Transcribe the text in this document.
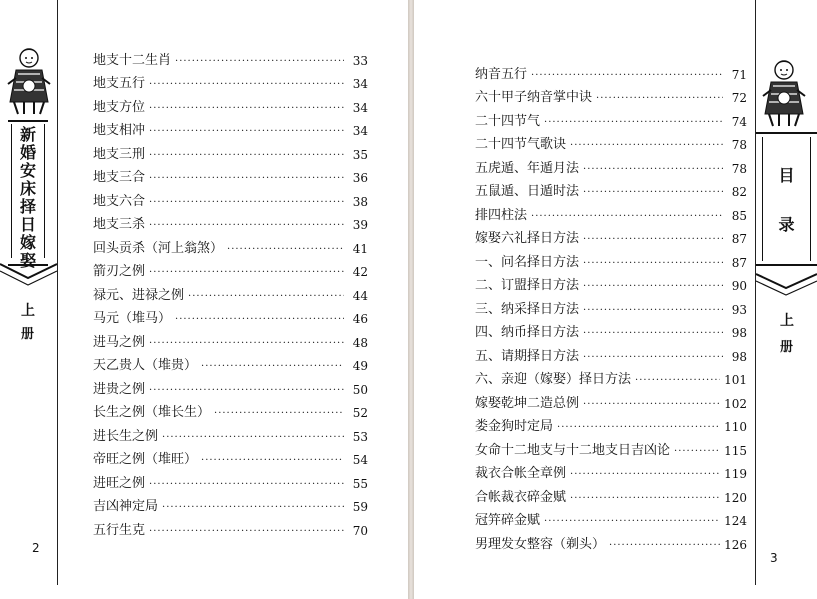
新
婚
安
床
择
日
嫁
娶
上
册
地支十二生肖 ·····	33
地支五行 ·····	34
地支方位 ·····	34
地支相冲 ·····	34
地支三刑 ·····	35
地支三合 ·····	36
地支六合 ·····	38
地支三杀 ·····	39
回头贡杀（河上翁煞） ·····	41
箭刃之例 ·····	42
禄元、进禄之例 ·····	44
马元（堆马） ·····	46
进马之例 ·····	48
天乙贵人（堆贵） ·····	49
进贵之例 ·····	50
长生之例（堆长生） ·····	52
进长生之例 ·····	53
帝旺之例（堆旺） ·····	54
进旺之例 ·····	55
吉凶神定局 ·····	59
五行生克 ·····	70
2
目
录
上
册
纳音五行 ·····	71
六十甲子纳音掌中诀 ·····	72
二十四节气 ·····	74
二十四节气歌诀 ·····	78
五虎遁、年遁月法 ·····	78
五鼠遁、日遁时法 ·····	82
排四柱法 ·····	85
嫁娶六礼择日方法 ·····	87
一、问名择日方法 ·····	87
二、订盟择日方法 ·····	90
三、纳采择日方法 ·····	93
四、纳币择日方法 ·····	98
五、请期择日方法 ·····	98
六、亲迎（嫁娶）择日方法 ·····	101
嫁娶乾坤二造总例 ·····	102
娄金狗时定局 ·····	110
女命十二地支与十二地支日吉凶论 ·····	115
裁衣合帐全章例 ·····	119
合帐裁衣碎金赋 ·····	120
冠笄碎金赋 ·····	124
男理发女整容（剃头） ·····	126
3
